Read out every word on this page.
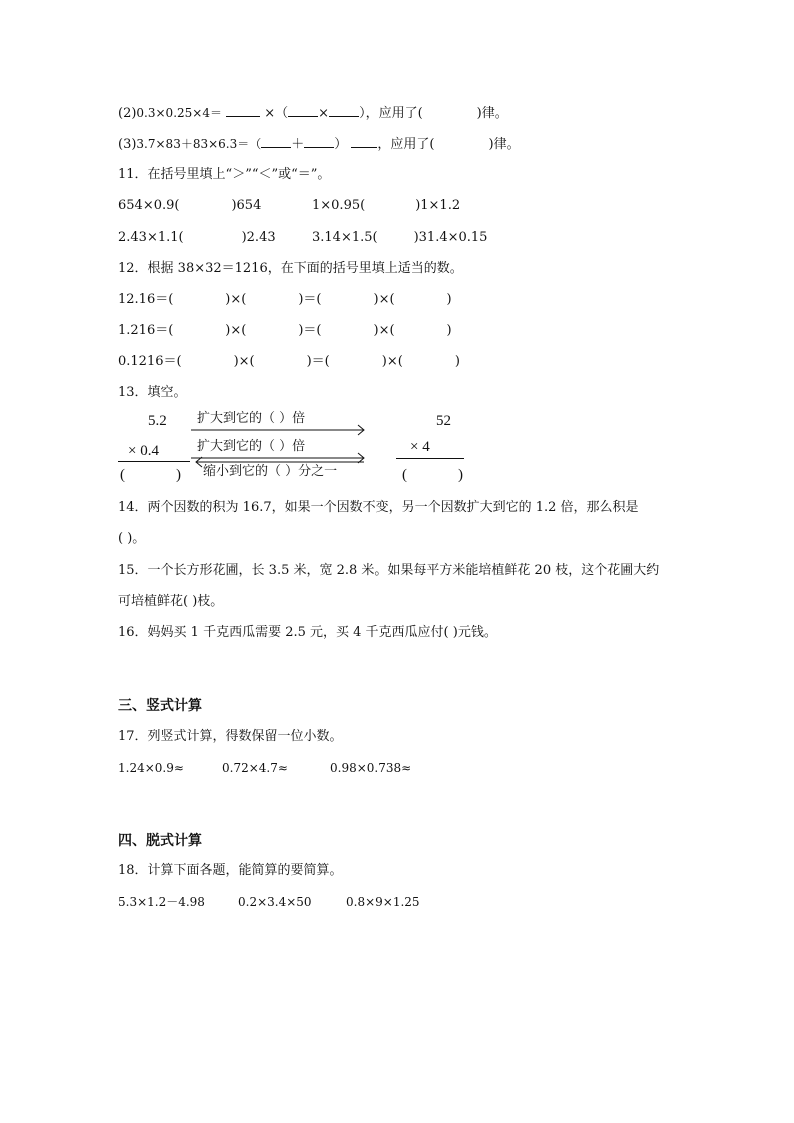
(2)0.3×0.25×4＝	×（ × ），应用了(	)律。
(3)3.7×83＋83×6.3＝（ ＋ ） ，应用了(	)律。
11．在括号里填上“＞”“＜”或“＝”。
654×0.9(	)654	1×0.95(	)1×1.2
2.43×1.1(	)2.43	3.14×1.5(	)31.4×0.15
12．根据 38×32＝1216，在下面的括号里填上适当的数。
12.16＝(	)×(	)＝(	)×(	)
1.216＝(	)×(	)＝(	)×(	)
0.1216＝(	)×(	)＝(	)×(	)
13．填空。
5.2
× 0.4
(	)
扩大到它的（ ）倍
扩大到它的（ ）倍
缩小到它的（ ）分之一
52
× 4
(	)
14．两个因数的积为 16.7，如果一个因数不变，另一个因数扩大到它的 1.2 倍，那么积是
( )。
15．一个长方形花圃，长 3.5 米，宽 2.8 米。如果每平方米能培植鲜花 20 枝，这个花圃大约
可培植鲜花( )枝。
16．妈妈买 1 千克西瓜需要 2.5 元，买 4 千克西瓜应付( )元钱。
三、竖式计算
17．列竖式计算，得数保留一位小数。
1.24×0.9≈	0.72×4.7≈	0.98×0.738≈
四、脱式计算
18．计算下面各题，能简算的要简算。
5.3×1.2－4.98	0.2×3.4×50	0.8×9×1.25
